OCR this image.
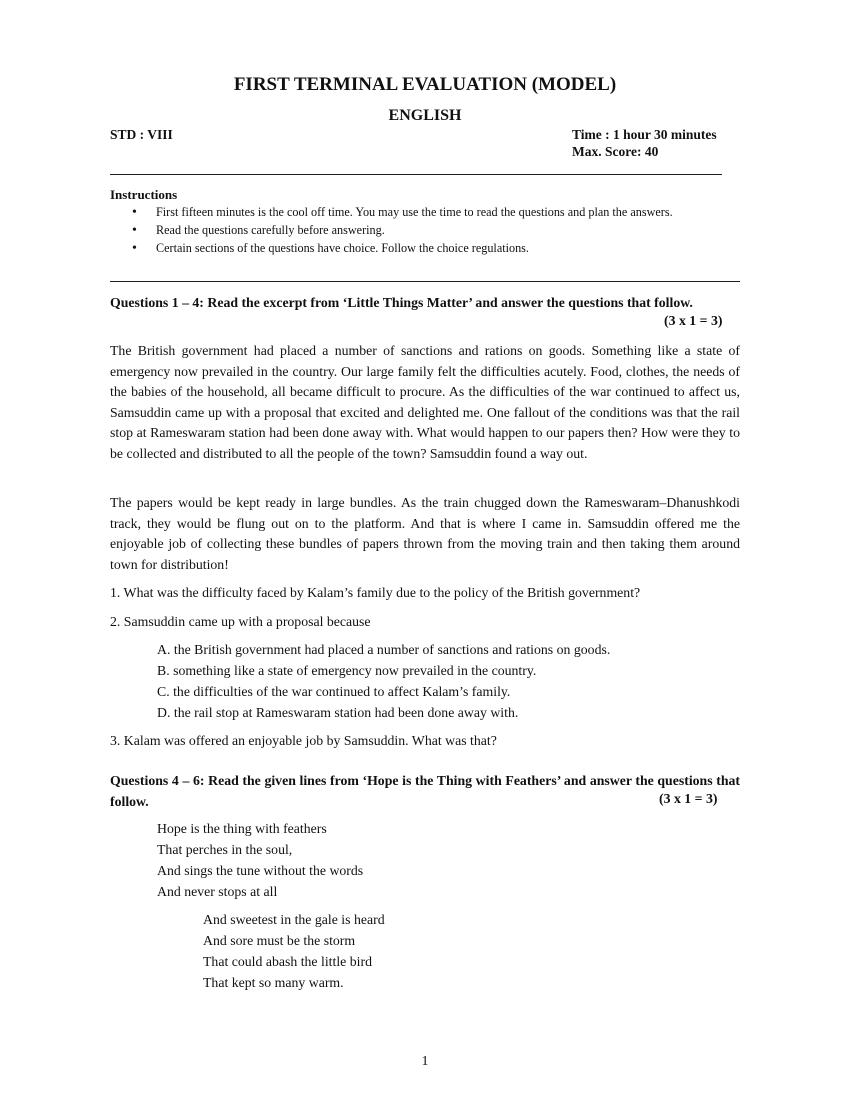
FIRST TERMINAL EVALUATION (MODEL)
ENGLISH
STD : VIII	Time : 1 hour 30 minutes
Max. Score: 40
Instructions
• First fifteen minutes is the cool off time. You may use the time to read the questions and plan the answers.
• Read the questions carefully before answering.
• Certain sections of the questions have choice. Follow the choice regulations.
Questions 1 – 4: Read the excerpt from ‘Little Things Matter’ and answer the questions that follow.
(3 x 1 = 3)

The British government had placed a number of sanctions and rations on goods. Something like a state of emergency now prevailed in the country. Our large family felt the difficulties acutely. Food, clothes, the needs of the babies of the household, all became difficult to procure. As the difficulties of the war continued to affect us, Samsuddin came up with a proposal that excited and delighted me. One fallout of the conditions was that the rail stop at Rameswaram station had been done away with. What would happen to our papers then? How were they to be collected and distributed to all the people of the town? Samsuddin found a way out.

The papers would be kept ready in large bundles. As the train chugged down the Rameswaram–Dhanushkodi track, they would be flung out on to the platform. And that is where I came in. Samsuddin offered me the enjoyable job of collecting these bundles of papers thrown from the moving train and then taking them around town for distribution!

1. What was the difficulty faced by Kalam’s family due to the policy of the British government?
2. Samsuddin came up with a proposal because
A. the British government had placed a number of sanctions and rations on goods.
B. something like a state of emergency now prevailed in the country.
C. the difficulties of the war continued to affect Kalam’s family.
D. the rail stop at Rameswaram station had been done away with.
3. Kalam was offered an enjoyable job by Samsuddin. What was that?
Questions 4 – 6: Read the given lines from ‘Hope is the Thing with Feathers’ and answer the questions that follow.	(3 x 1 = 3)
Hope is the thing with feathers
That perches in the soul,
And sings the tune without the words
And never stops at all
And sweetest in the gale is heard
And sore must be the storm
That could abash the little bird
That kept so many warm.
1
